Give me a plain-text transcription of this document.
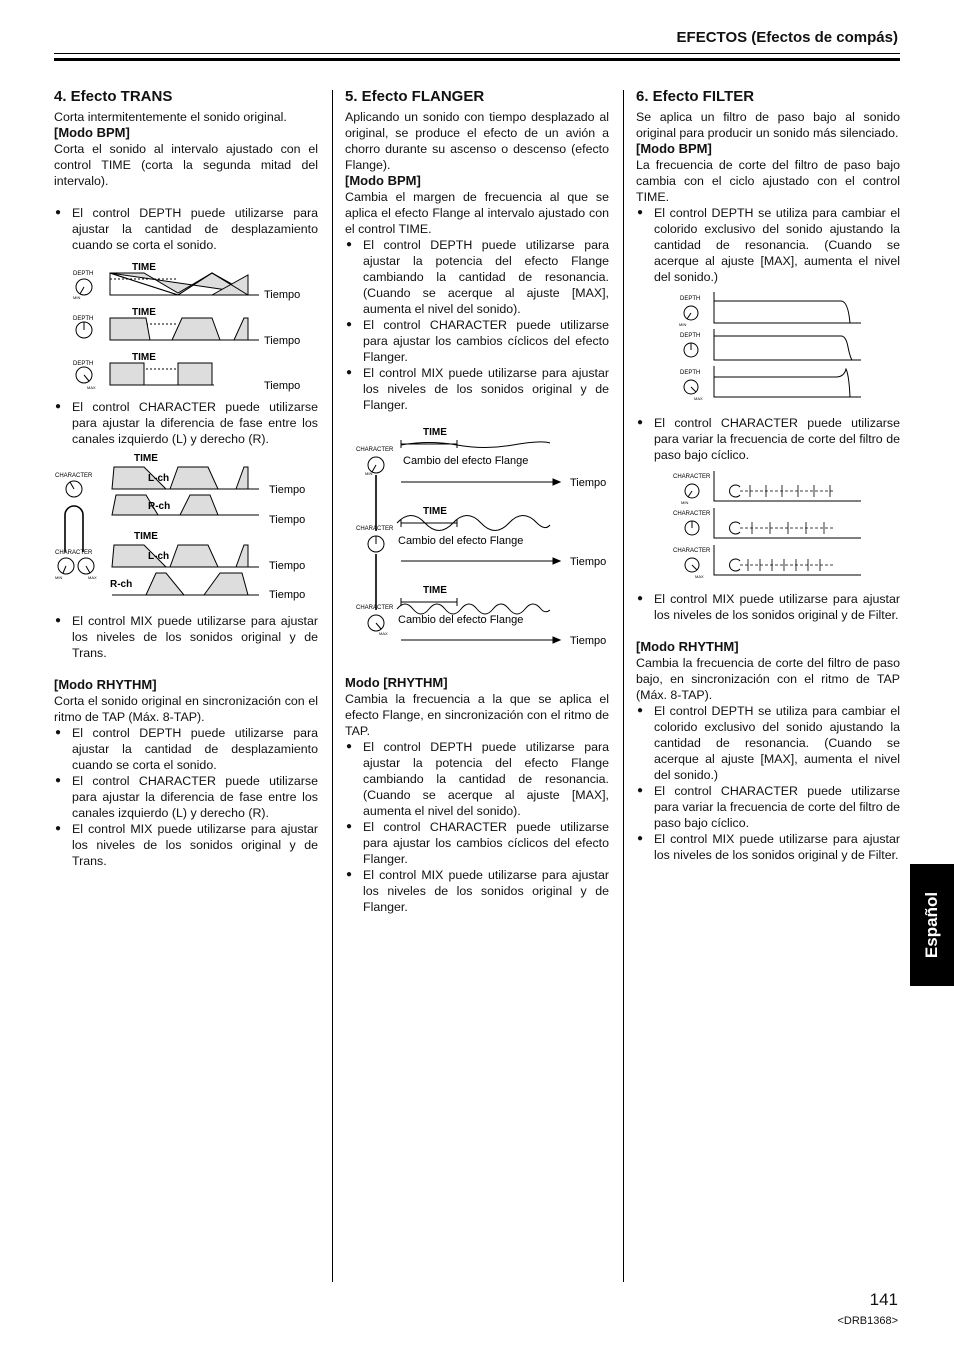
EFECTOS (Efectos de compás)
4. Efecto TRANS

Corta intermitentemente el sonido original.

[Modo BPM]

Corta el sonido al intervalo ajustado con el control TIME (corta la segunda mitad del intervalo).

● El control DEPTH puede utilizarse para ajustar la cantidad de desplazamiento cuando se corta el sonido.
TIME
TIME
TIME
DEPTH
DEPTH
DEPTH
MIN
MAX
Tiempo
Tiempo
Tiempo
● El control CHARACTER puede utilizarse para ajustar la diferencia de fase entre los canales izquierdo (L) y derecho (R).
TIME
TIME
CHARACTER
CHARACTER
MIN	MAX
L-ch
R-ch
L-ch
R-ch
Tiempo
Tiempo
Tiempo
Tiempo
● El control MIX puede utilizarse para ajustar los niveles de los sonidos original y de Trans.
[Modo RHYTHM]

Corta el sonido original en sincronización con el ritmo de TAP (Máx. 8-TAP).

● El control DEPTH puede utilizarse para ajustar la cantidad de desplazamiento cuando se corta el sonido.
● El control CHARACTER puede utilizarse para ajustar la diferencia de fase entre los canales izquierdo (L) y derecho (R).
● El control MIX puede utilizarse para ajustar los niveles de los sonidos original y de Trans.
5. Efecto FLANGER

Aplicando un sonido con tiempo desplazado al original, se produce el efecto de un avión a chorro durante su ascenso o descenso (efecto Flange).

[Modo BPM]

Cambia el margen de frecuencia al que se aplica el efecto Flange al intervalo ajustado con el control TIME.

● El control DEPTH puede utilizarse para ajustar la potencia del efecto Flange cambiando la cantidad de resonancia. (Cuando se acerque al ajuste [MAX], aumenta el nivel del sonido).
● El control CHARACTER puede utilizarse para ajustar los cambios cíclicos del efecto Flanger.
● El control MIX puede utilizarse para ajustar los niveles de los sonidos original y de Flanger.
TIME
TIME
TIME
CHARACTER
CHARACTER
CHARACTER
MIN
MAX
Cambio del efecto Flange
Cambio del efecto Flange
Cambio del efecto Flange
Tiempo
Tiempo
Tiempo
Modo [RHYTHM]

Cambia la frecuencia a la que se aplica el efecto Flange, en sincronización con el ritmo de TAP.

● El control DEPTH puede utilizarse para ajustar la potencia del efecto Flange cambiando la cantidad de resonancia. (Cuando se acerque al ajuste [MAX], aumenta el nivel del sonido).
● El control CHARACTER puede utilizarse para ajustar los cambios cíclicos del efecto Flanger.
● El control MIX puede utilizarse para ajustar los niveles de los sonidos original y de Flanger.
6. Efecto FILTER

Se aplica un filtro de paso bajo al sonido original para producir un sonido más silenciado.

[Modo BPM]

La frecuencia de corte del filtro de paso bajo cambia con el ciclo ajustado con el control TIME.

● El control DEPTH se utiliza para cambiar el colorido exclusivo del sonido ajustando la cantidad de resonancia. (Cuando se acerque al ajuste [MAX], aumenta el nivel del sonido.)
DEPTH
DEPTH
DEPTH
MIN
MAX
● El control CHARACTER puede utilizarse para variar la frecuencia de corte del filtro de paso bajo cíclico.
CHARACTER
CHARACTER
CHARACTER
MIN
MAX
● El control MIX puede utilizarse para ajustar los niveles de los sonidos original y de Filter.
[Modo RHYTHM]

Cambia la frecuencia de corte del filtro de paso bajo, en sincronización con el ritmo de TAP (Máx. 8-TAP).

● El control DEPTH se utiliza para cambiar el colorido exclusivo del sonido ajustando la cantidad de resonancia. (Cuando se acerque al ajuste [MAX], aumenta el nivel del sonido.)
● El control CHARACTER puede utilizarse para variar la frecuencia de corte del filtro de paso bajo cíclico.
● El control MIX puede utilizarse para ajustar los niveles de los sonidos original y de Filter.
Español
141
<DRB1368>
